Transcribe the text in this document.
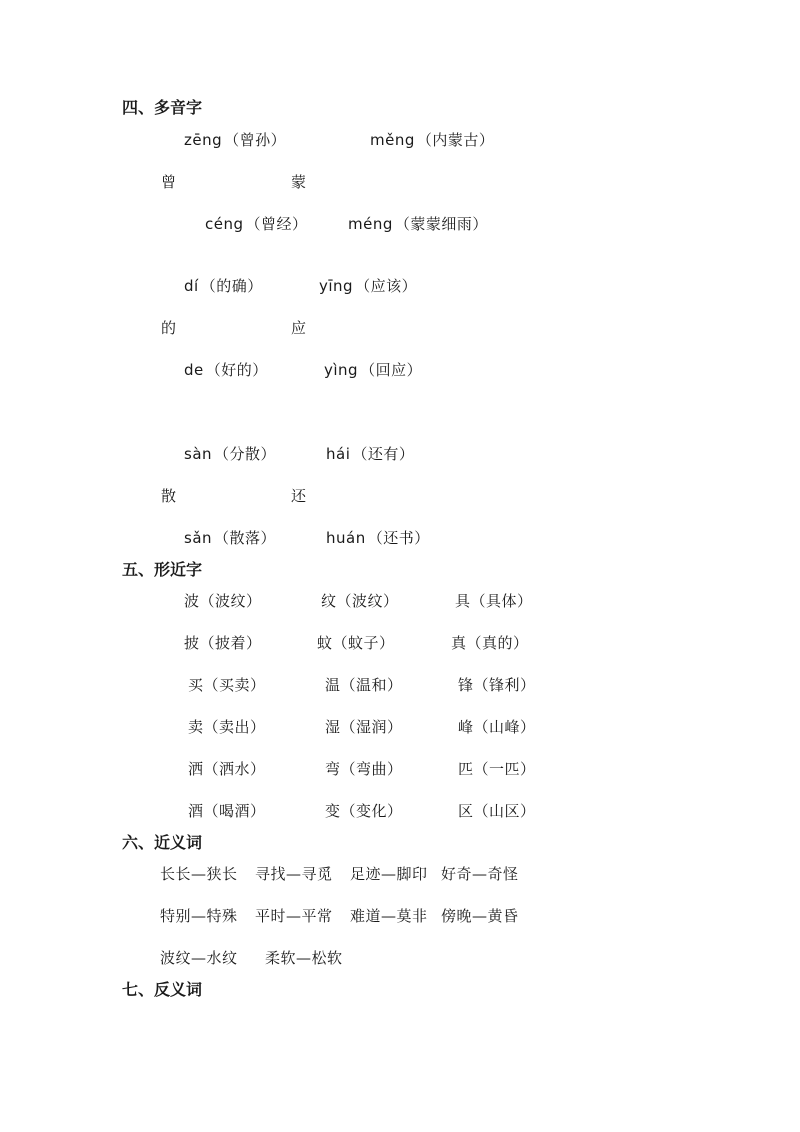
四、多音字
zēng （曾孙）	měng （内蒙古）
曾	蒙
céng （曾经）	méng （蒙蒙细雨）
dí （的确）	yīng （应该）
的	应
de （好的）	yìng （回应）
sàn （分散）	hái （还有）
散	还
sǎn （散落）	huán （还书）
五、形近字
波（波纹）	纹（波纹）	具（具体）
披（披着）	蚊（蚊子）	真（真的）
买（买卖）	温（温和）	锋（锋利）
卖（卖出）	湿（湿润）	峰（山峰）
洒（洒水）	弯（弯曲）	匹（一匹）
酒（喝酒）	变（变化）	区（山区）
六、近义词
长长—狭长 寻找—寻觅 足迹—脚印 好奇—奇怪
特别—特殊 平时—平常 难道—莫非 傍晚—黄昏
波纹—水纹 柔软—松软
七、反义词
